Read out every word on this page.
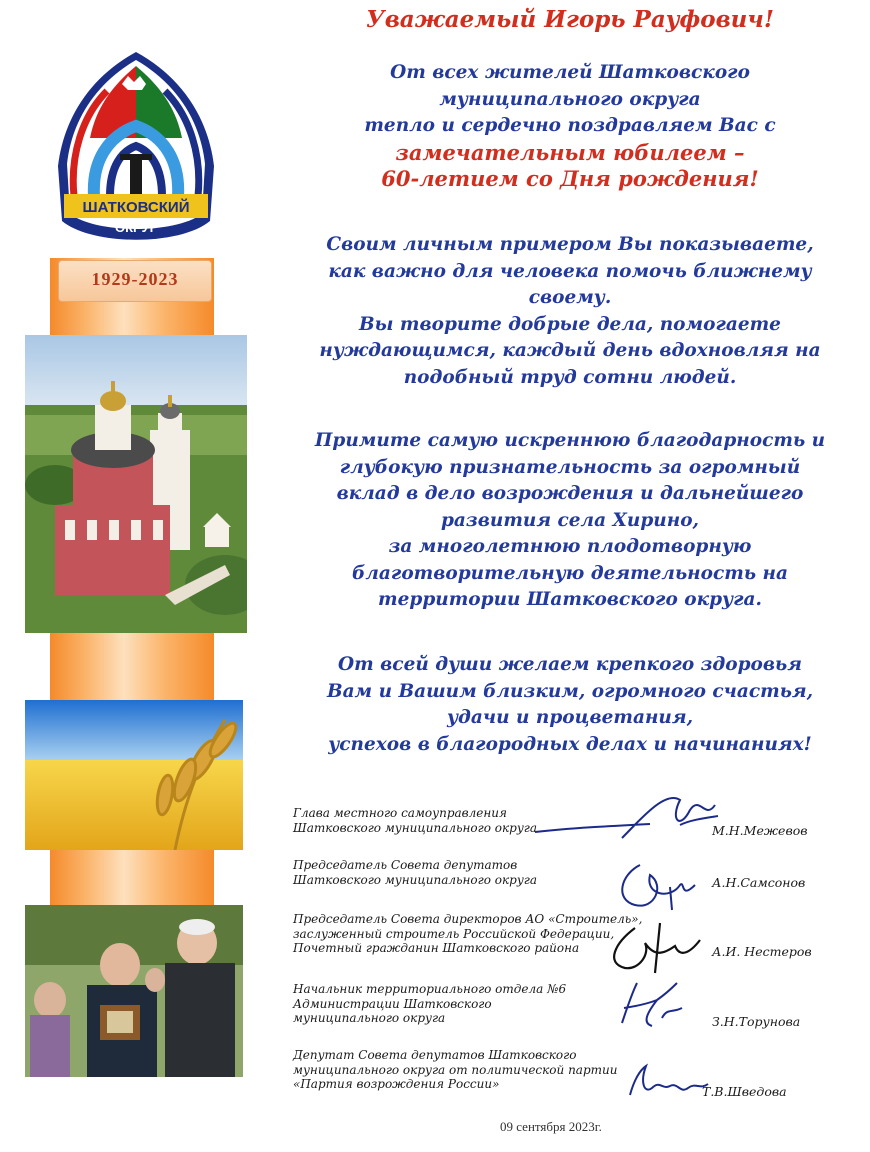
ШАТКОВСКИЙ
ОКРУГ
1929-2023
Уважаемый Игорь Рауфович!
От всех жителей Шатковского
муниципального округа
тепло и сердечно поздравляем Вас с
замечательным юбилеем –
60-летием со Дня рождения!
Своим личным примером Вы показываете,
как важно для человека помочь ближнему
своему.
Вы творите добрые дела, помогаете
нуждающимся, каждый день вдохновляя на
подобный труд сотни людей.
Примите самую искреннюю благодарность и
глубокую признательность за огромный
вклад в дело возрождения и дальнейшего
развития села Хирино,
за многолетнюю плодотворную
благотворительную деятельность на
территории Шатковского округа.
От всей души желаем крепкого здоровья
Вам и Вашим близким, огромного счастья,
удачи и процветания,
успехов в благородных делах и начинаниях!
Глава местного самоуправления
Шатковского муниципального округа	М.Н.Межевов
Председатель Совета депутатов
Шатковского муниципального округа	А.Н.Самсонов
Председатель Совета директоров АО «Строитель»,
заслуженный строитель Российской Федерации,
Почетный гражданин Шатковского района	А.И. Нестеров
Начальник территориального отдела №6
Администрации Шатковского
муниципального округа	З.Н.Торунова
Депутат Совета депутатов Шатковского
муниципального округа от политической партии
«Партия возрождения России»	Т.В.Шведова
09 сентября 2023г.
